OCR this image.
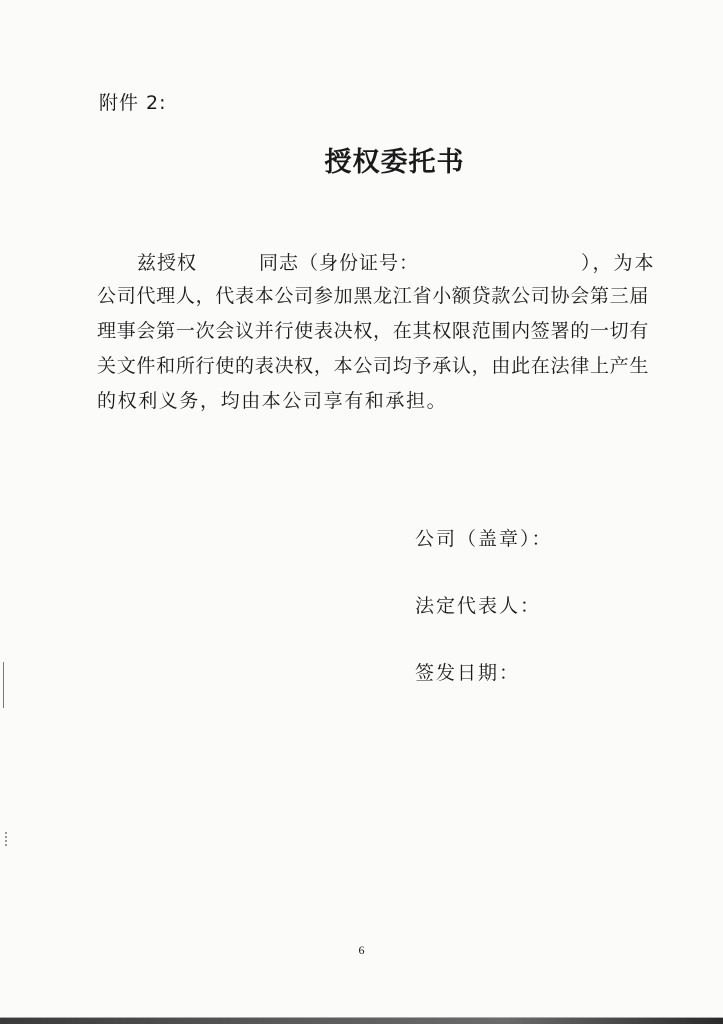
附件 2:
授权委托书
兹授权	同志（身份证号：	），为本
公司代理人，代表本公司参加黑龙江省小额贷款公司协会第三届
理事会第一次会议并行使表决权，在其权限范围内签署的一切有
关文件和所行使的表决权，本公司均予承认，由此在法律上产生
的权利义务，均由本公司享有和承担。
公司（盖章）：
法定代表人：
签发日期：
6
